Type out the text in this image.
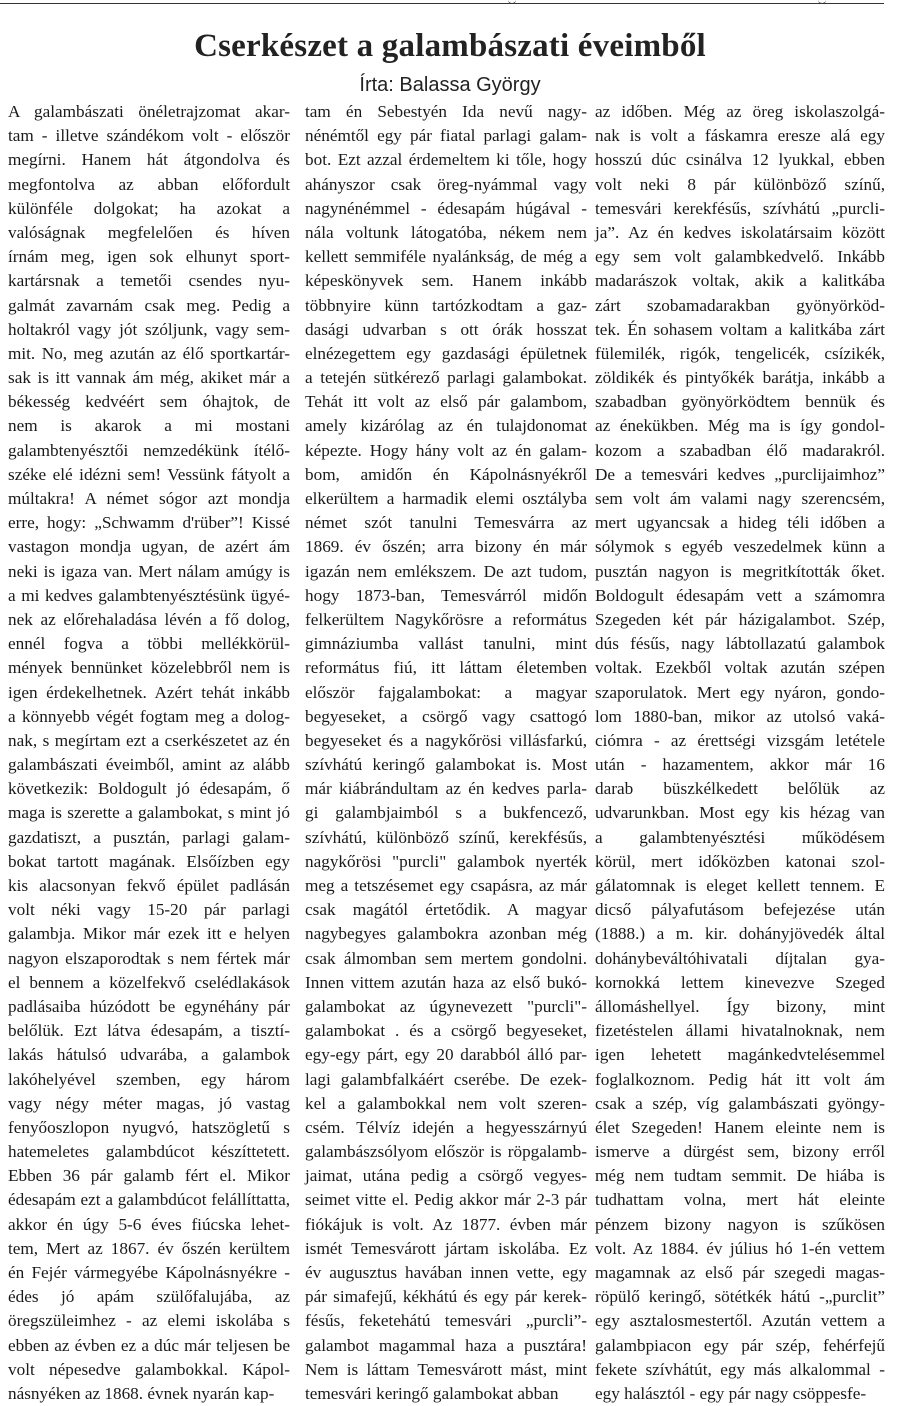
Cserkészet a galambászati éveimből
Írta: Balassa György
A galambászati önéletrajzomat akar-
tam - illetve szándékom volt - először
megírni. Hanem hát átgondolva és
megfontolva az abban előfordult
különféle dolgokat; ha azokat a
valóságnak megfelelően és híven
írnám meg, igen sok elhunyt sport-
kartársnak a temetői csendes nyu-
galmát zavarnám csak meg. Pedig a
holtakról vagy jót szóljunk, vagy sem-
mit. No, meg azután az élő sportkartár-
sak is itt vannak ám még, akiket már a
békesség kedvéért sem óhajtok, de
nem is akarok a mi mostani
galambtenyésztői nemzedékünk ítélő-
széke elé idézni sem! Vessünk fátyolt a
múltakra! A német sógor azt mondja
erre, hogy: „Schwamm d'rüber”! Kissé
vastagon mondja ugyan, de azért ám
neki is igaza van. Mert nálam amúgy is
a mi kedves galambtenyésztésünk ügyé-
nek az előrehaladása lévén a fő dolog,
ennél fogva a többi mellékkörül-
mények bennünket közelebbről nem is
igen érdekelhetnek. Azért tehát inkább
a könnyebb végét fogtam meg a dolog-
nak, s megírtam ezt a cserkészetet az én
galambászati éveimből, amint az alább
következik: Boldogult jó édesapám, ő
maga is szerette a galambokat, s mint jó
gazdatiszt, a pusztán, parlagi galam-
bokat tartott magának. Elsőízben egy
kis alacsonyan fekvő épület padlásán
volt néki vagy 15-20 pár parlagi
galambja. Mikor már ezek itt e helyen
nagyon elszaporodtak s nem fértek már
el bennem a közelfekvő cselédlakások
padlásaiba húzódott be egynéhány pár
belőlük. Ezt látva édesapám, a tisztí-
lakás hátulsó udvarába, a galambok
lakóhelyével szemben, egy három
vagy négy méter magas, jó vastag
fenyőoszlopon nyugvó, hatszögletű s
hatemeletes galambdúcot készíttetett.
Ebben 36 pár galamb fért el. Mikor
édesapám ezt a galambdúcot felállíttatta,
akkor én úgy 5-6 éves fiúcska lehet-
tem, Mert az 1867. év őszén kerültem
én Fejér vármegyébe Kápolnásnyékre -
édes jó apám szülőfalujába, az
öregszüleimhez - az elemi iskolába s
ebben az évben ez a dúc már teljesen be
volt népesedve galambokkal. Kápol-
násnyéken az 1868. évnek nyarán kap-
tam én Sebestyén Ida nevű nagy-
nénémtől egy pár fiatal parlagi galam-
bot. Ezt azzal érdemeltem ki tőle, hogy
ahányszor csak öreg-nyámmal vagy
nagynénémmel - édesapám húgával -
nála voltunk látogatóba, nékem nem
kellett semmiféle nyalánkság, de még a
képeskönyvek sem. Hanem inkább
többnyire künn tartózkodtam a gaz-
dasági udvarban s ott órák hosszat
elnézegettem egy gazdasági épületnek
a tetején sütkérező parlagi galambokat.
Tehát itt volt az első pár galambom,
amely kizárólag az én tulajdonomat
képezte. Hogy hány volt az én galam-
bom, amidőn én Kápolnásnyékről
elkerültem a harmadik elemi osztályba
német szót tanulni Temesvárra az
1869. év őszén; arra bizony én már
igazán nem emlékszem. De azt tudom,
hogy 1873-ban, Temesvárról midőn
felkerültem Nagykőrösre a református
gimnáziumba vallást tanulni, mint
református fiú, itt láttam életemben
először fajgalambokat: a magyar
begyeseket, a csörgő vagy csattogó
begyeseket és a nagykőrösi villásfarkú,
szívhátú keringő galambokat is. Most
már kiábrándultam az én kedves parla-
gi galambjaimból s a bukfencező,
szívhátú, különböző színű, kerekfésűs,
nagykőrösi "purcli" galambok nyerték
meg a tetszésemet egy csapásra, az már
csak magától értetődik. A magyar
nagybegyes galambokra azonban még
csak álmomban sem mertem gondolni.
Innen vittem azután haza az első bukó-
galambokat az úgynevezett "purcli"-
galambokat . és a csörgő begyeseket,
egy-egy párt, egy 20 darabból álló par-
lagi galambfalkáért cserébe. De ezek-
kel a galambokkal nem volt szeren-
csém. Télvíz idején a hegyesszárnyú
galambászsólyom először is röpgalamb-
jaimat, utána pedig a csörgő vegyes-
seimet vitte el. Pedig akkor már 2-3 pár
fiókájuk is volt. Az 1877. évben már
ismét Temesvárott jártam iskolába. Ez
év augusztus havában innen vette, egy
pár simafejű, kékhátú és egy pár kerek-
fésűs, feketehátú temesvári „purcli”-
galambot magammal haza a pusztára!
Nem is láttam Temesvárott mást, mint
temesvári keringő galambokat abban
az időben. Még az öreg iskolaszolgá-
nak is volt a fáskamra eresze alá egy
hosszú dúc csinálva 12 lyukkal, ebben
volt neki 8 pár különböző színű,
temesvári kerekfésűs, szívhátú „purcli-
ja”. Az én kedves iskolatársaim között
egy sem volt galambkedvelő. Inkább
madarászok voltak, akik a kalitkába
zárt szobamadarakban gyönyörköd-
tek. Én sohasem voltam a kalitkába zárt
fülemilék, rigók, tengelicék, csízikék,
zöldikék és pintyőkék barátja, inkább a
szabadban gyönyörködtem bennük és
az énekükben. Még ma is így gondol-
kozom a szabadban élő madarakról.
De a temesvári kedves „purclijaimhoz”
sem volt ám valami nagy szerencsém,
mert ugyancsak a hideg téli időben a
sólymok s egyéb veszedelmek künn a
pusztán nagyon is megritkították őket.
Boldogult édesapám vett a számomra
Szegeden két pár házigalambot. Szép,
dús fésűs, nagy lábtollazatú galambok
voltak. Ezekből voltak azután szépen
szaporulatok. Mert egy nyáron, gondo-
lom 1880-ban, mikor az utolsó vaká-
ciómra - az érettségi vizsgám letétele
után - hazamentem, akkor már 16
darab büszkélkedett belőlük az
udvarunkban. Most egy kis hézag van
a galambtenyésztési működésem
körül, mert időközben katonai szol-
gálatomnak is eleget kellett tennem. E
dicső pályafutásom befejezése után
(1888.) a m. kir. dohányjövedék által
dohánybeváltóhivatali díjtalan gya-
kornokká lettem kinevezve Szeged
állomáshellyel. Így bizony, mint
fizetéstelen állami hivatalnoknak, nem
igen lehetett magánkedvtelésemmel
foglalkoznom. Pedig hát itt volt ám
csak a szép, víg galambászati gyöngy-
élet Szegeden! Hanem eleinte nem is
ismerve a dürgést sem, bizony erről
még nem tudtam semmit. De hiába is
tudhattam volna, mert hát eleinte
pénzem bizony nagyon is szűkösen
volt. Az 1884. év július hó 1-én vettem
magamnak az első pár szegedi magas-
röpülő keringő, sötétkék hátú -„purclit”
egy asztalosmestertől. Azután vettem a
galambpiacon egy pár szép, fehérfejű
fekete szívhátút, egy más alkalommal -
egy halásztól - egy pár nagy csöppesfe-
